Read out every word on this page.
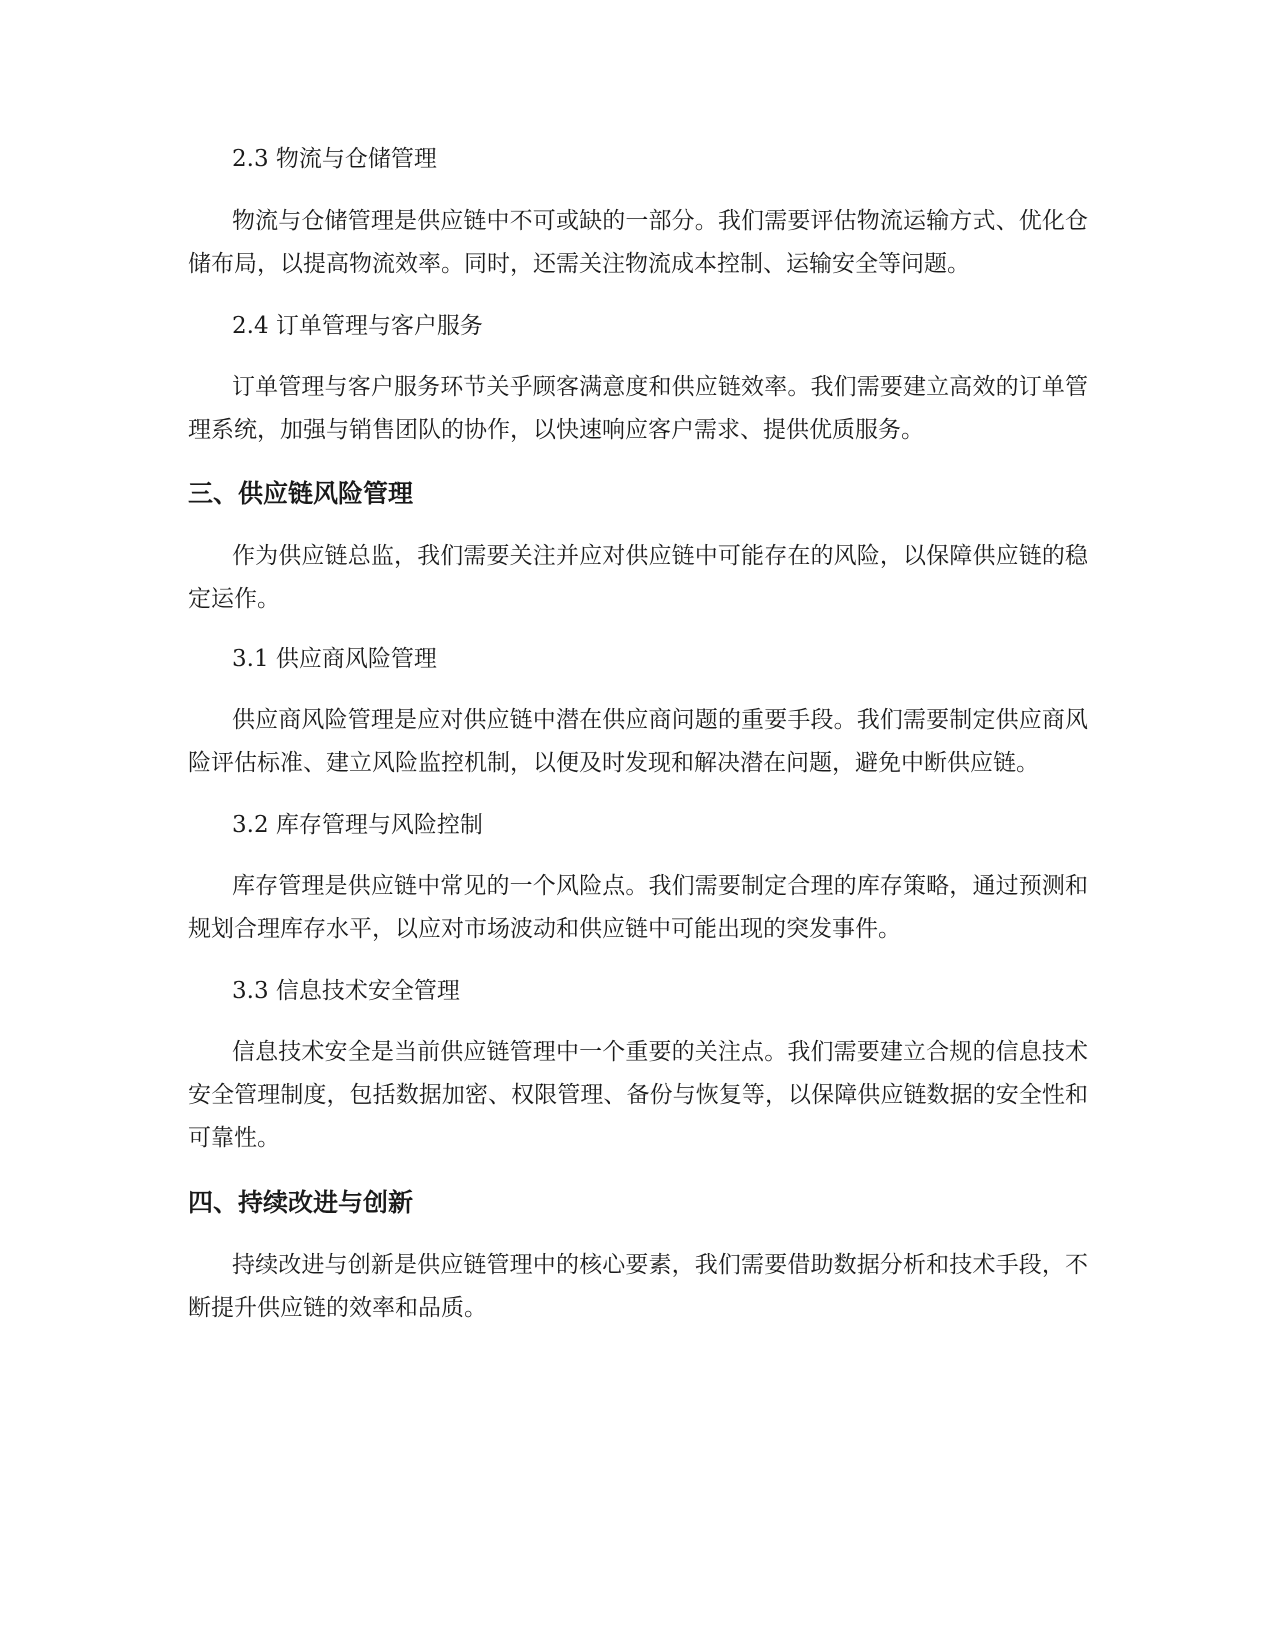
2.3 物流与仓储管理

物流与仓储管理是供应链中不可或缺的一部分。我们需要评估物流运输方式、优化仓储布局，以提高物流效率。同时，还需关注物流成本控制、运输安全等问题。

2.4 订单管理与客户服务

订单管理与客户服务环节关乎顾客满意度和供应链效率。我们需要建立高效的订单管理系统，加强与销售团队的协作，以快速响应客户需求、提供优质服务。

三、供应链风险管理

作为供应链总监，我们需要关注并应对供应链中可能存在的风险，以保障供应链的稳定运作。

3.1 供应商风险管理

供应商风险管理是应对供应链中潜在供应商问题的重要手段。我们需要制定供应商风险评估标准、建立风险监控机制，以便及时发现和解决潜在问题，避免中断供应链。

3.2 库存管理与风险控制

库存管理是供应链中常见的一个风险点。我们需要制定合理的库存策略，通过预测和规划合理库存水平，以应对市场波动和供应链中可能出现的突发事件。

3.3 信息技术安全管理

信息技术安全是当前供应链管理中一个重要的关注点。我们需要建立合规的信息技术安全管理制度，包括数据加密、权限管理、备份与恢复等，以保障供应链数据的安全性和可靠性。

四、持续改进与创新

持续改进与创新是供应链管理中的核心要素，我们需要借助数据分析和技术手段，不断提升供应链的效率和品质。
